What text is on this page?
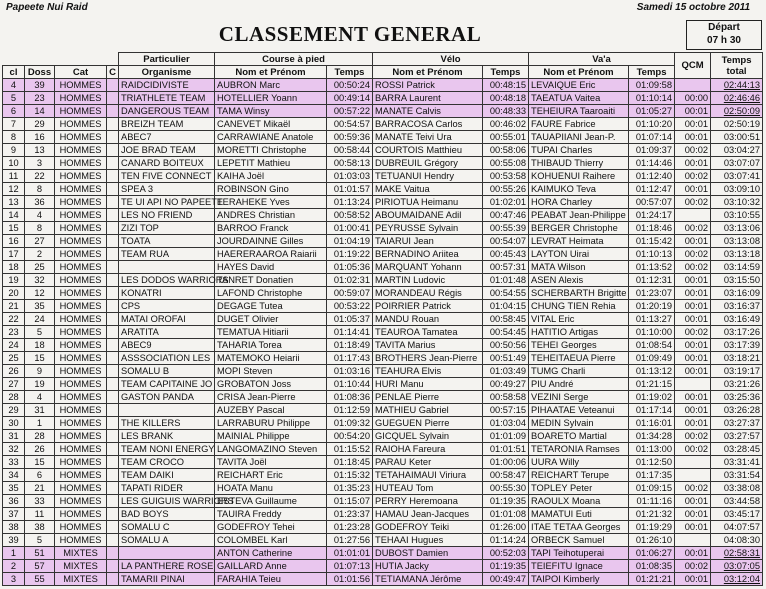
Papeete Nui Raid	Samedi 15 octobre 2011
CLASSEMENT GENERAL	Départ
07 h 30
				Particulier	Course à pied		Vélo		Va'a		QCM	Temps total
cl	Doss	Cat	C	Organisme	Nom et Prénom	Temps	Nom et Prénom	Temps	Nom et Prénom	Temps		
4	39	HOMMES		RAIDCIDIVISTE	AUBRON Marc	00:50:24	ROSSI Patrick	00:48:15	LEVAIQUE Eric	01:09:58		02:44:13
5	23	HOMMES		TRIATHLETE TEAM	HOTELLIER Yoann	00:49:14	BARRA Laurent	00:48:18	TAEATUA Vaitea	01:10:14	00:00	02:46:46
6	14	HOMMES		DANGEROUS TEAM	TAMA Winsy	00:57:22	MANATE Calvis	00:48:33	TEHEIURA Taaroaiti	01:05:27	00:01	02:50:09
7	29	HOMMES		BREIZH TEAM	CANEVET Mikaël	00:54:57	BARRACOSA Carlos	00:46:02	FAURE Fabrice	01:10:20	00:01	02:50:19
8	16	HOMMES		ABEC7	CARRAWIANE Anatole	00:59:36	MANATE Teivi Ura	00:55:01	TAUAPIIANI Jean-P.	01:07:14	00:01	03:00:51
9	13	HOMMES		JOE BRAD TEAM	MORETTI Christophe	00:58:44	COURTOIS Matthieu	00:58:06	TUPAI Charles	01:09:37	00:02	03:04:27
10	3	HOMMES		CANARD BOITEUX	LEPETIT Mathieu	00:58:13	DUBREUIL Grégory	00:55:08	THIBAUD Thierry	01:14:46	00:01	03:07:07
11	22	HOMMES		TEN FIVE CONNECT	KAIHA Joël	01:03:03	TETUANUI Hendry	00:53:58	KOHUENUI Raihere	01:12:40	00:02	03:07:41
12	8	HOMMES		SPEA 3	ROBINSON Gino	01:01:57	MAKE Vaitua	00:55:26	KAIMUKO Teva	01:12:47	00:01	03:09:10
13	36	HOMMES		TE UI API NO PAPEETE	TERAHEKE Yves	01:13:24	PIRIOTUA Heimanu	01:02:01	HORA Charley	00:57:07	00:02	03:10:32
14	4	HOMMES		LES NO FRIEND	ANDRES Christian	00:58:52	ABOUMAIDANE Adil	00:47:46	PEABAT Jean-Philippe	01:24:17		03:10:55
15	8	HOMMES		ZIZI TOP	BARROO Franck	01:00:41	PEYRUSSE Sylvain	00:55:39	BERGER Christophe	01:18:46	00:02	03:13:06
16	27	HOMMES		TOATA	JOURDAINNE Gilles	01:04:19	TAIARUI Jean	00:54:07	LEVRAT Heimata	01:15:42	00:01	03:13:08
17	2	HOMMES		TEAM RUA	HAERERAAROA Raiarii	01:19:22	BERNADINO Ariitea	00:45:43	LAYTON Uirai	01:10:13	00:02	03:13:18
18	25	HOMMES			HAYES David	01:05:36	MARQUANT Yohann	00:57:31	MATA Wilson	01:13:52	00:02	03:14:59
19	32	HOMMES		LES DODOS WARRIORS	TANRET Donatien	01:02:31	MARTIN Ludovic	01:01:48	ASEN Alexis	01:12:31	00:01	03:15:50
20	12	HOMMES		KONATRI	LAFOND Christophe	00:59:07	MORANDEAU Régis	00:54:55	SCHERBARTH Brigitte	01:23:07	00:01	03:16:09
21	35	HOMMES		CPS	DEGAGE Tutea	00:53:22	POIRRIER Patrick	01:04:15	CHUNG TIEN Rehia	01:20:19	00:01	03:16:37
22	24	HOMMES		MATAI OROFAI	DUGET Olivier	01:05:37	MANDU Rouan	00:58:45	VITAL Eric	01:13:27	00:01	03:16:49
23	5	HOMMES		ARATITA	TEMATUA Hitiarii	01:14:41	TEAUROA Tamatea	00:54:45	HATITIO Artigas	01:10:00	00:02	03:17:26
24	18	HOMMES		ABEC9	TAHARIA Torea	01:18:49	TAVITA Marius	00:50:56	TEHEI Georges	01:08:54	00:01	03:17:39
25	15	HOMMES		ASSSOCIATION LES	MATEMOKO Heiarii	01:17:43	BROTHERS Jean-Pierre	00:51:49	TEHEITAEUA Pierre	01:09:49	00:01	03:18:21
26	9	HOMMES		SOMALU B	MOPI Steven	01:03:16	TEAHURA Elvis	01:03:49	TUMG Charli	01:13:12	00:01	03:19:17
27	19	HOMMES		TEAM CAPITAINE JO	GROBATON Joss	01:10:44	HURI Manu	00:49:27	PIU André	01:21:15		03:21:26
28	4	HOMMES		GASTON PANDA	CRISA Jean-Pierre	01:08:36	PENLAE Pierre	00:58:58	VEZINI Serge	01:19:02	00:01	03:25:36
29	31	HOMMES			AUZEBY Pascal	01:12:59	MATHIEU Gabriel	00:57:15	PIHAATAE Veteanui	01:17:14	00:01	03:26:28
30	1	HOMMES		THE KILLERS	LARRABURU Philippe	01:09:32	GUEGUEN Pierre	01:03:04	MEDIN Sylvain	01:16:01	00:01	03:27:37
31	28	HOMMES		LES BRANK	MAINIAL Philippe	00:54:20	GICQUEL Sylvain	01:01:09	BOARETO Martial	01:34:28	00:02	03:27:57
32	26	HOMMES		TEAM NONI ENERGY	LANGOMAZINO Steven	01:15:52	RAIOHA Fareura	01:01:51	TETARONIA Ramses	01:13:00	00:02	03:28:45
33	15	HOMMES		TEAM CROCO	TAVITA Joël	01:18:45	PARAU Keter	01:00:06	UURA Willy	01:12:50		03:31:41
34	6	HOMMES		TEAM DAIKI	REICHART Eric	01:15:32	TETAHAIMAUI Viriura	00:58:47	REICHART Terupe	01:17:35		03:31:54
35	21	HOMMES		TAPATI RIDER	HOATA Manu	01:35:23	HUTEAU Tom	00:55:30	TOPLEY Peter	01:09:15	00:02	03:38:08
36	33	HOMMES		LES GUIGUIS WARRIORS	ESTEVA Guillaume	01:15:07	PERRY Heremoana	01:19:35	RAOULX Moana	01:11:16	00:01	03:44:58
37	11	HOMMES		BAD BOYS	TAUIRA Freddy	01:23:37	HAMAU Jean-Jacques	01:01:08	MAMATUI Euti	01:21:32	00:01	03:45:17
38	38	HOMMES		SOMALU C	GODEFROY Tehei	01:23:28	GODEFROY Teiki	01:26:00	ITAE TETAA Georges	01:19:29	00:01	04:07:57
39	5	HOMMES		SOMALU A	COLOMBEL Karl	01:27:56	TEHAAI Hugues	01:14:24	ORBECK Samuel	01:26:10		04:08:30
1	51	MIXTES			ANTON Catherine	01:01:01	DUBOST Damien	00:52:03	TAPI Teihotuperai	01:06:27	00:01	02:58:31
2	57	MIXTES		LA PANTHERE ROSE	GAILLARD Anne	01:07:13	HUTIA Jacky	01:19:35	TEIEFITU Ignace	01:08:35	00:02	03:07:05
3	55	MIXTES		TAMARII PINAI	FARAHIA Teieu	01:01:56	TETIAMANA Jérôme	00:49:47	TAIPOI Kimberly	01:21:21	00:01	03:12:04
